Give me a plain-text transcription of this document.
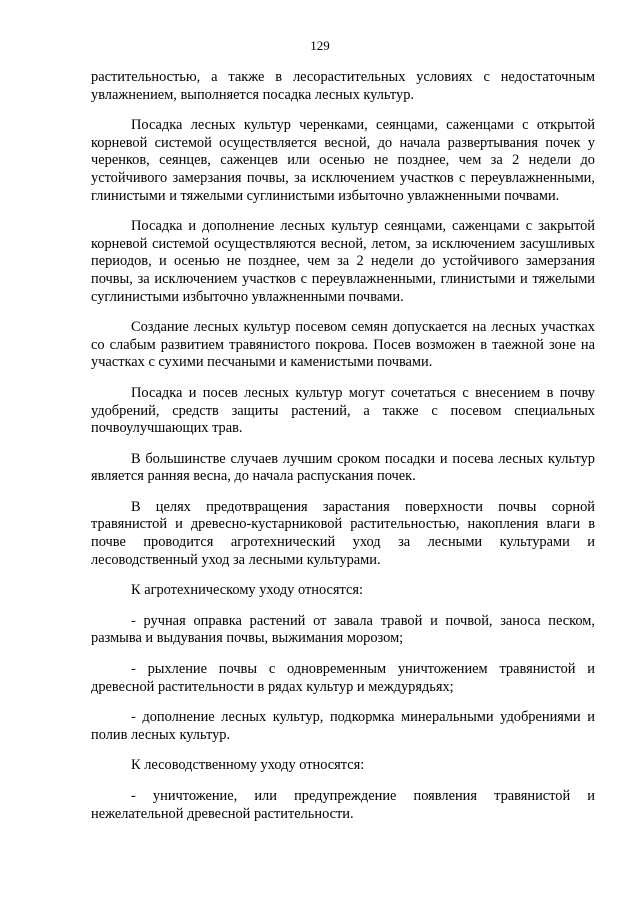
129

растительностью, а также в лесорастительных условиях с недостаточным увлажнением, выполняется посадка лесных культур.

Посадка лесных культур черенками, сеянцами, саженцами с открытой корневой системой осуществляется весной, до начала развертывания почек у черенков, сеянцев, саженцев или осенью не позднее, чем за 2 недели до устойчивого замерзания почвы, за исключением участков с переувлажненными, глинистыми и тяжелыми суглинистыми избыточно увлажненными почвами.

Посадка и дополнение лесных культур сеянцами, саженцами с закрытой корневой системой осуществляются весной, летом, за исключением засушливых периодов, и осенью не позднее, чем за 2 недели до устойчивого замерзания почвы, за исключением участков с переувлажненными, глинистыми и тяжелыми суглинистыми избыточно увлажненными почвами.

Создание лесных культур посевом семян допускается на лесных участках со слабым развитием травянистого покрова. Посев возможен в таежной зоне на участках с сухими песчаными и каменистыми почвами.

Посадка и посев лесных культур могут сочетаться с внесением в почву удобрений, средств защиты растений, а также с посевом специальных почвоулучшающих трав.

В большинстве случаев лучшим сроком посадки и посева лесных культур является ранняя весна, до начала распускания почек.

В целях предотвращения зарастания поверхности почвы сорной травянистой и древесно-кустарниковой растительностью, накопления влаги в почве проводится агротехнический уход за лесными культурами и лесоводственный уход за лесными культурами.

К агротехническому уходу относятся:

- ручная оправка растений от завала травой и почвой, заноса песком, размыва и выдувания почвы, выжимания морозом;

- рыхление почвы с одновременным уничтожением травянистой и древесной растительности в рядах культур и междурядьях;

- дополнение лесных культур, подкормка минеральными удобрениями и полив лесных культур.

К лесоводственному уходу относятся:

- уничтожение, или предупреждение появления травянистой и нежелательной древесной растительности.
